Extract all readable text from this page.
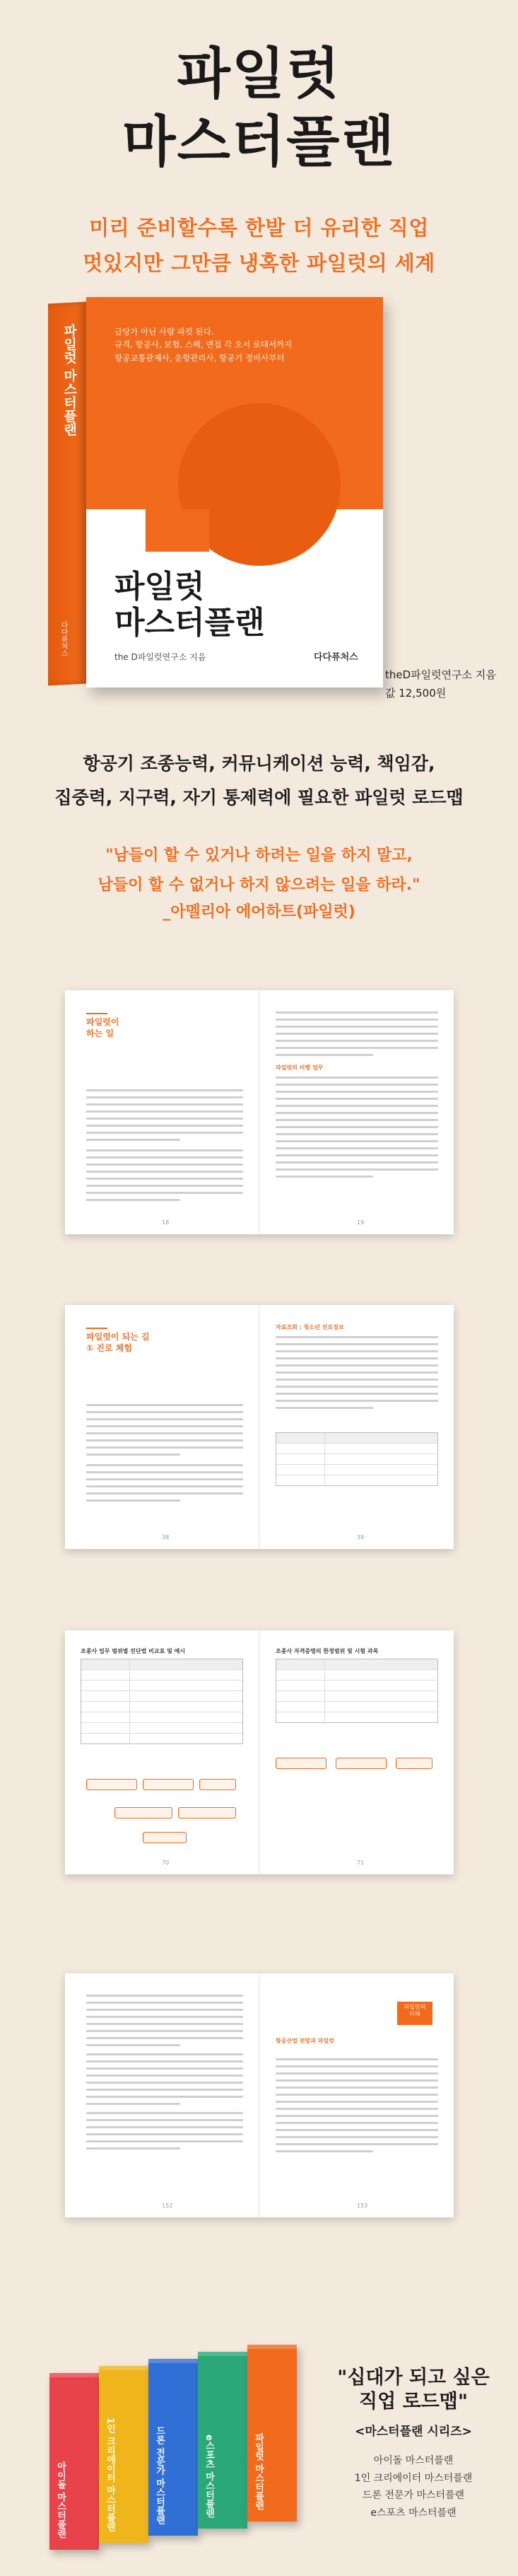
파일럿
마스터플랜
미리 준비할수록 한발 더 유리한 직업
멋있지만 그만큼 냉혹한 파일럿의 세계
파일럿 마스터플랜
다다퓨처스
급당가 아닌 사람 파킷 된다.
규격, 항공사, 보험, 스펙, 면접 각 오서 로대서까지
항공교통관제사, 운항관리사, 항공기 정비사부터
파일럿
마스터플랜
the D파일럿연구소 지음	다다퓨처스
theD파일럿연구소 지음
값 12,500원
항공기 조종능력, 커뮤니케이션 능력, 책임감,
집중력, 지구력, 자기 통제력에 필요한 파일럿 로드맵
"남들이 할 수 있거나 하려는 일을 하지 말고,
남들이 할 수 없거나 하지 않으려는 일을 하라."
_아멜리아 에어하트(파일럿)
파일럿이
하는 일
18
파일럿의 비행 업무
19
파일럿이 되는 길
① 진로 체험
38
자료조회 : 청소년 진로정보
39
조종사 업무 범위별 진단법 비교표 및 예시
70
조종사 자격증명의 한정범위 및 시험 과목
71
152
파일럿의
미래
항공산업 전망과 파일럿
153
아이돌 마스터플랜	1인 크리에이터 마스터플랜	드론 전문가 마스터플랜	e스포츠 마스터플랜	파일럿 마스터플랜
"십대가 되고 싶은
직업 로드맵"
<마스터플랜 시리즈>
아이돌 마스터플랜
1인 크리에이터 마스터플랜
드론 전문가 마스터플랜
e스포츠 마스터플랜
